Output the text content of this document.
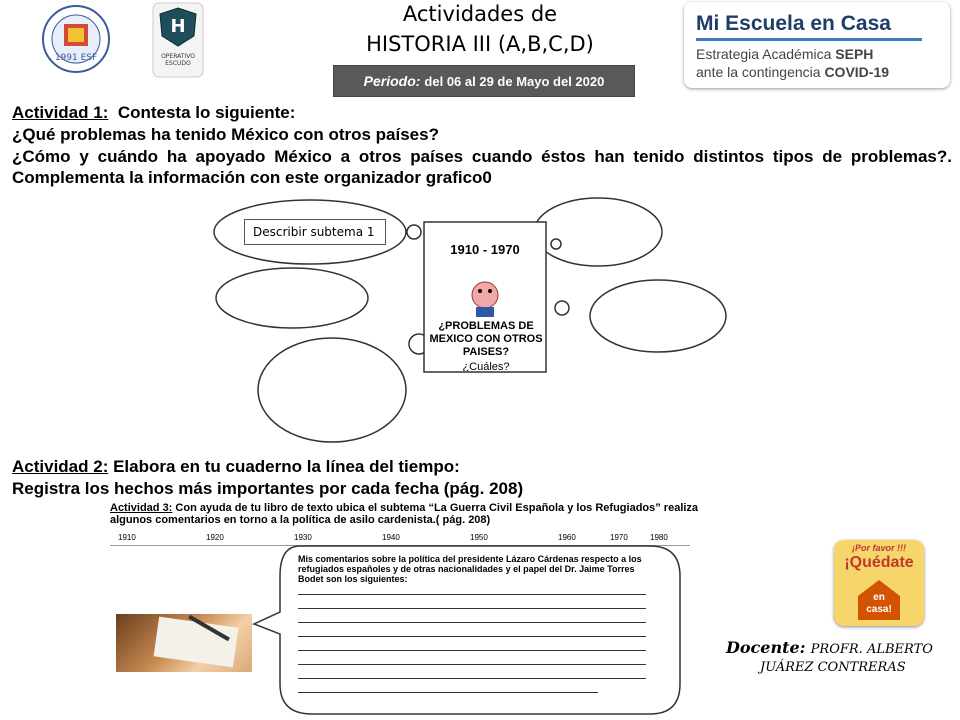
1991 ESF
H
OPERATIVO
ESCUDO
Actividades de
HISTORIA III (A,B,C,D)
Periodo: del 06 al 29 de Mayo del 2020
Mi Escuela en Casa
Estrategia Académica SEPH
ante la contingencia COVID-19
Actividad 1: Contesta lo siguiente:
¿Qué problemas ha tenido México con otros países?
¿Cómo y cuándo ha apoyado México a otros países cuando éstos han tenido distintos tipos de problemas?. Complementa la información con este organizador grafico0
Describir subtema 1
1910 - 1970
¿PROBLEMAS DE MEXICO CON OTROS PAISES?
¿Cuáles?
Actividad 2: Elabora en tu cuaderno la línea del tiempo:
Registra los hechos más importantes por cada fecha (pág. 208)
Actividad 3: Con ayuda de tu libro de texto ubica el subtema “La Guerra Civil Española y los Refugiados” realiza algunos comentarios en torno a la política de asilo cardenista.( pág. 208)
1910	1920	1930	1940	1950	1960	1970	1980
Mis comentarios sobre la política del presidente Lázaro Cárdenas respecto a los refugiados españoles y de otras nacionalidades y el papel del Dr. Jaime Torres Bodet son los siguientes:
¡Por favor !!!
¡Quédate
en
casa!
Docente: PROFR. ALBERTO
JUÁREZ CONTRERAS
